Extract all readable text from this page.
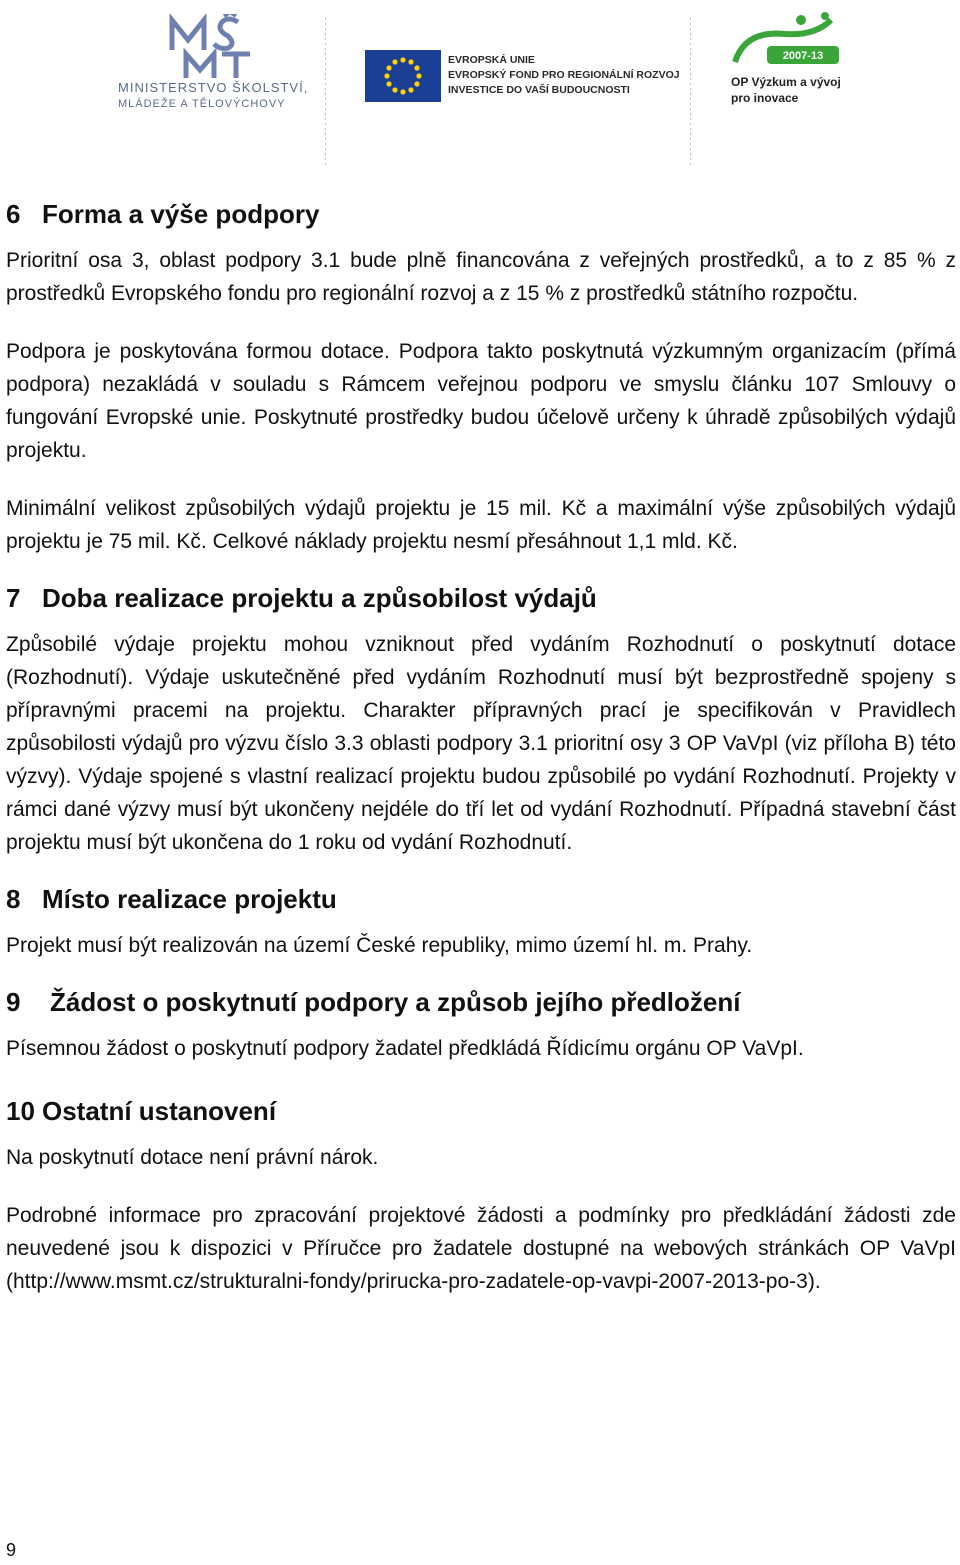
MINISTERSTVO ŠKOLSTVÍ,
MLÁDEŽE A TĚLOVÝCHOVY
EVROPSKÁ UNIE
EVROPSKÝ FOND PRO REGIONÁLNÍ ROZVOJ
INVESTICE DO VAŠÍ BUDOUCNOSTI
2007-13
OP Výzkum a vývoj
pro inovace
6 Forma a výše podpory

Prioritní osa 3, oblast podpory 3.1 bude plně financována z veřejných prostředků, a to z 85 % z prostředků Evropského fondu pro regionální rozvoj a z 15 % z prostředků státního rozpočtu.

Podpora je poskytována formou dotace. Podpora takto poskytnutá výzkumným organizacím (přímá podpora) nezakládá v souladu s Rámcem veřejnou podporu ve smyslu článku 107 Smlouvy o fungování Evropské unie. Poskytnuté prostředky budou účelově určeny k úhradě způsobilých výdajů projektu.

Minimální velikost způsobilých výdajů projektu je 15 mil. Kč a maximální výše způsobilých výdajů projektu je 75 mil. Kč. Celkové náklady projektu nesmí přesáhnout 1,1 mld. Kč.

7 Doba realizace projektu a způsobilost výdajů

Způsobilé výdaje projektu mohou vzniknout před vydáním Rozhodnutí o poskytnutí dotace (Rozhodnutí). Výdaje uskutečněné před vydáním Rozhodnutí musí být bezprostředně spojeny s přípravnými pracemi na projektu. Charakter přípravných prací je specifikován v Pravidlech způsobilosti výdajů pro výzvu číslo 3.3 oblasti podpory 3.1 prioritní osy 3 OP VaVpI (viz příloha B) této výzvy). Výdaje spojené s vlastní realizací projektu budou způsobilé po vydání Rozhodnutí. Projekty v rámci dané výzvy musí být ukončeny nejdéle do tří let od vydání Rozhodnutí. Případná stavební část projektu musí být ukončena do 1 roku od vydání Rozhodnutí.

8 Místo realizace projektu

Projekt musí být realizován na území České republiky, mimo území hl. m. Prahy.

9 Žádost o poskytnutí podpory a způsob jejího předložení

Písemnou žádost o poskytnutí podpory žadatel předkládá Řídicímu orgánu OP VaVpI.

10 Ostatní ustanovení

Na poskytnutí dotace není právní nárok.

Podrobné informace pro zpracování projektové žádosti a podmínky pro předkládání žádosti zde neuvedené jsou k dispozici v Příručce pro žadatele dostupné na webových stránkách OP VaVpI (http://www.msmt.cz/strukturalni-fondy/prirucka-pro-zadatele-op-vavpi-2007-2013-po-3).

9
